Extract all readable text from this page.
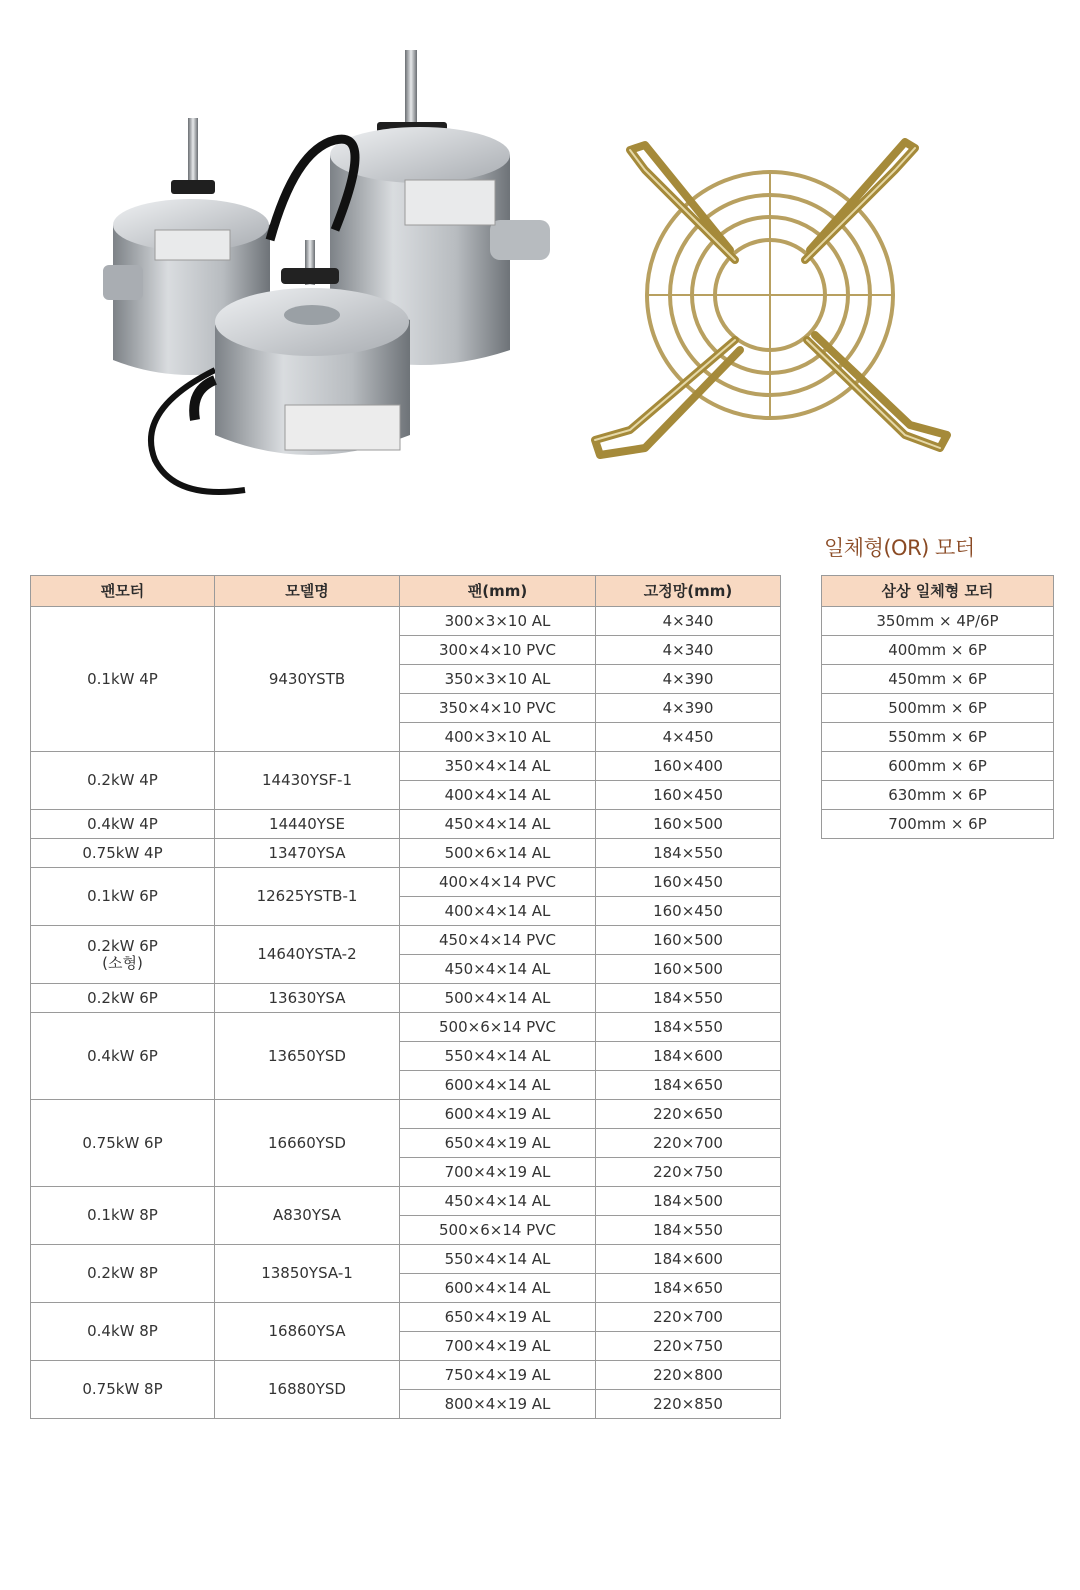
일체형(OR) 모터
팬모터	모델명	팬(mm)	고정망(mm)

0.1kW 4P	9430YSTB	300×3×10 AL	4×340
		300×4×10 PVC	4×340
		350×3×10 AL	4×390
		350×4×10 PVC	4×390
		400×3×10 AL	4×450

0.2kW 4P	14430YSF-1	350×4×14 AL	160×400
		400×4×14 AL	160×450

0.4kW 4P	14440YSE	450×4×14 AL	160×500

0.75kW 4P	13470YSA	500×6×14 AL	184×550

0.1kW 6P	12625YSTB-1	400×4×14 PVC	160×450
		400×4×14 AL	160×450

0.2kW 6P
(소형)	14640YSTA-2	450×4×14 PVC	160×500
		450×4×14 AL	160×500

0.2kW 6P	13630YSA	500×4×14 AL	184×550

0.4kW 6P	13650YSD	500×6×14 PVC	184×550
		550×4×14 AL	184×600
		600×4×14 AL	184×650

0.75kW 6P	16660YSD	600×4×19 AL	220×650
		650×4×19 AL	220×700
		700×4×19 AL	220×750

0.1kW 8P	A830YSA	450×4×14 AL	184×500
		500×6×14 PVC	184×550

0.2kW 8P	13850YSA-1	550×4×14 AL	184×600
		600×4×14 AL	184×650

0.4kW 8P	16860YSA	650×4×19 AL	220×700
		700×4×19 AL	220×750

0.75kW 8P	16880YSD	750×4×19 AL	220×800
		800×4×19 AL	220×850
삼상 일체형 모터
350mm × 4P/6P
400mm × 6P
450mm × 6P
500mm × 6P
550mm × 6P
600mm × 6P
630mm × 6P
700mm × 6P
